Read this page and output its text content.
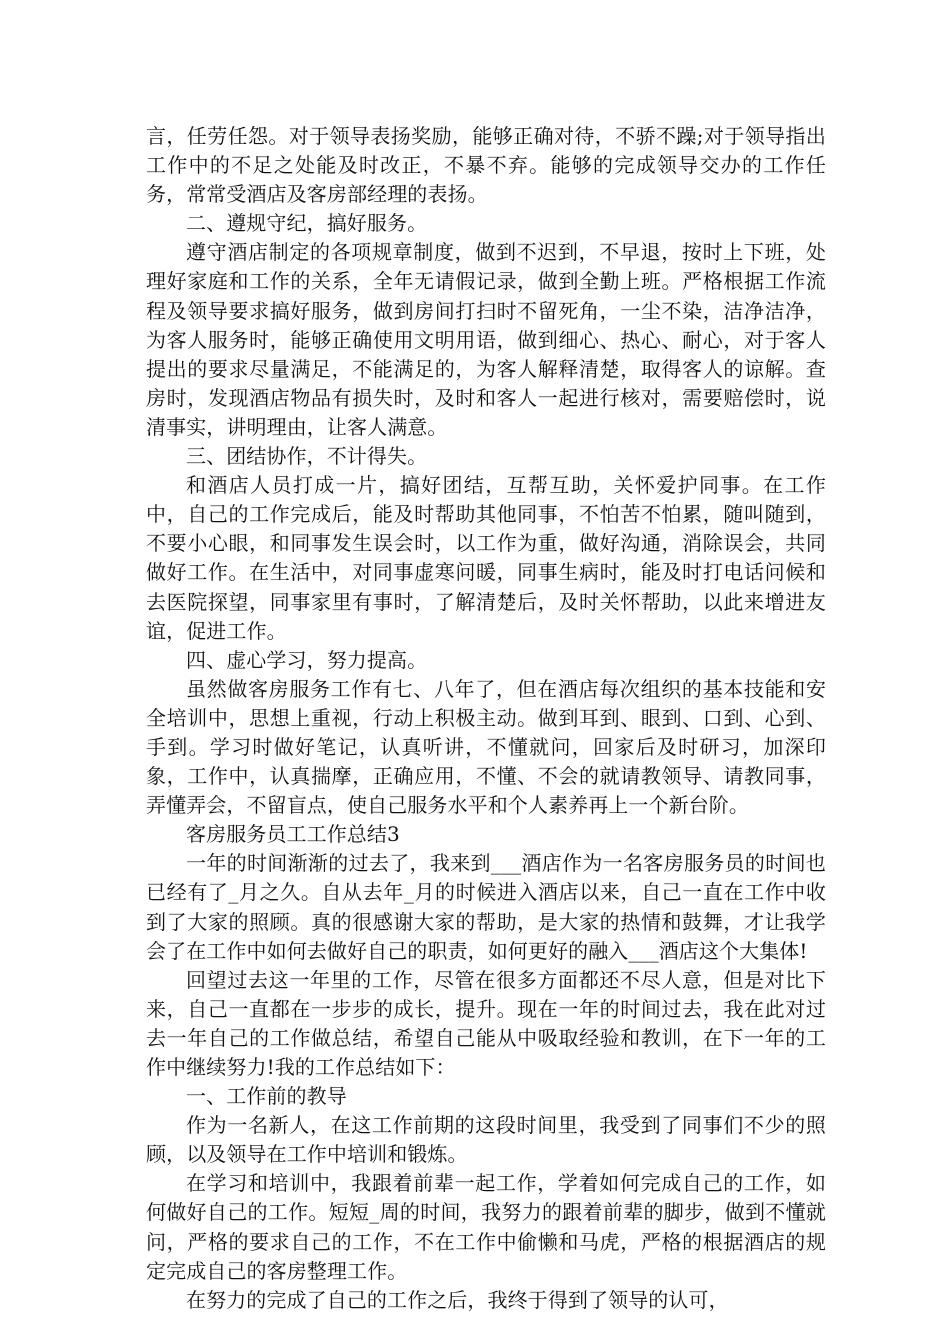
言，任劳任怨。对于领导表扬奖励，能够正确对待，不骄不躁;对于领导指出工作中的不足之处能及时改正，不暴不弃。能够的完成领导交办的工作任务，常常受酒店及客房部经理的表扬。

二、遵规守纪，搞好服务。

遵守酒店制定的各项规章制度，做到不迟到，不早退，按时上下班，处理好家庭和工作的关系，全年无请假记录，做到全勤上班。严格根据工作流程及领导要求搞好服务，做到房间打扫时不留死角，一尘不染，洁净洁净，为客人服务时，能够正确使用文明用语，做到细心、热心、耐心，对于客人提出的要求尽量满足，不能满足的，为客人解释清楚，取得客人的谅解。查房时，发现酒店物品有损失时，及时和客人一起进行核对，需要赔偿时，说清事实，讲明理由，让客人满意。

三、团结协作，不计得失。

和酒店人员打成一片，搞好团结，互帮互助，关怀爱护同事。在工作中，自己的工作完成后，能及时帮助其他同事，不怕苦不怕累，随叫随到，不要小心眼，和同事发生误会时，以工作为重，做好沟通，消除误会，共同做好工作。在生活中，对同事虚寒问暖，同事生病时，能及时打电话问候和去医院探望，同事家里有事时，了解清楚后，及时关怀帮助，以此来增进友谊，促进工作。

四、虚心学习，努力提高。

虽然做客房服务工作有七、八年了，但在酒店每次组织的基本技能和安全培训中，思想上重视，行动上积极主动。做到耳到、眼到、口到、心到、手到。学习时做好笔记，认真听讲，不懂就问，回家后及时研习，加深印象，工作中，认真揣摩，正确应用，不懂、不会的就请教领导、请教同事，弄懂弄会，不留盲点，使自己服务水平和个人素养再上一个新台阶。

客房服务员工工作总结3

一年的时间渐渐的过去了，我来到___酒店作为一名客房服务员的时间也已经有了_月之久。自从去年_月的时候进入酒店以来，自己一直在工作中收到了大家的照顾。真的很感谢大家的帮助，是大家的热情和鼓舞，才让我学会了在工作中如何去做好自己的职责，如何更好的融入___酒店这个大集体!

回望过去这一年里的工作，尽管在很多方面都还不尽人意，但是对比下来，自己一直都在一步步的成长，提升。现在一年的时间过去，我在此对过去一年自己的工作做总结，希望自己能从中吸取经验和教训，在下一年的工作中继续努力!我的工作总结如下：

一、工作前的教导

作为一名新人，在这工作前期的这段时间里，我受到了同事们不少的照顾，以及领导在工作中培训和锻炼。

在学习和培训中，我跟着前辈一起工作，学着如何完成自己的工作，如何做好自己的工作。短短_周的时间，我努力的跟着前辈的脚步，做到不懂就问，严格的要求自己的工作，不在工作中偷懒和马虎，严格的根据酒店的规定完成自己的客房整理工作。

在努力的完成了自己的工作之后，我终于得到了领导的认可，
